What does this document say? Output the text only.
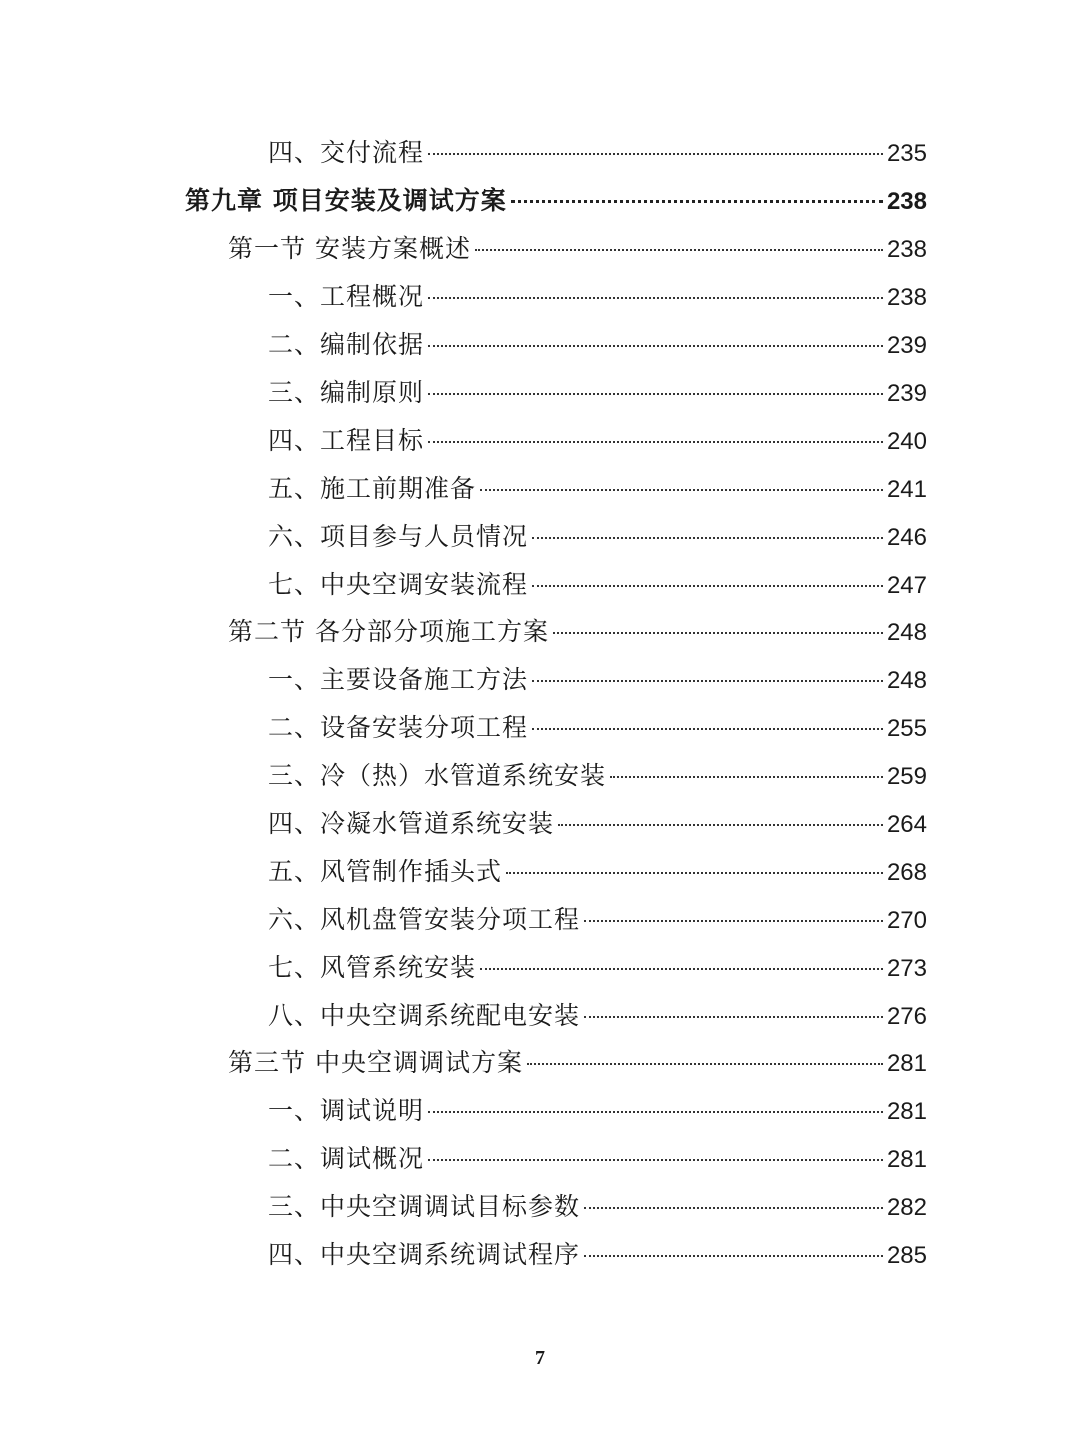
四、交付流程	235
第九章 项目安装及调试方案	238
第一节 安装方案概述	238
一、工程概况	238
二、编制依据	239
三、编制原则	239
四、工程目标	240
五、施工前期准备	241
六、项目参与人员情况	246
七、中央空调安装流程	247
第二节 各分部分项施工方案	248
一、主要设备施工方法	248
二、设备安装分项工程	255
三、冷（热）水管道系统安装	259
四、冷凝水管道系统安装	264
五、风管制作插头式	268
六、风机盘管安装分项工程	270
七、风管系统安装	273
八、中央空调系统配电安装	276
第三节 中央空调调试方案	281
一、调试说明	281
二、调试概况	281
三、中央空调调试目标参数	282
四、中央空调系统调试程序	285
7
